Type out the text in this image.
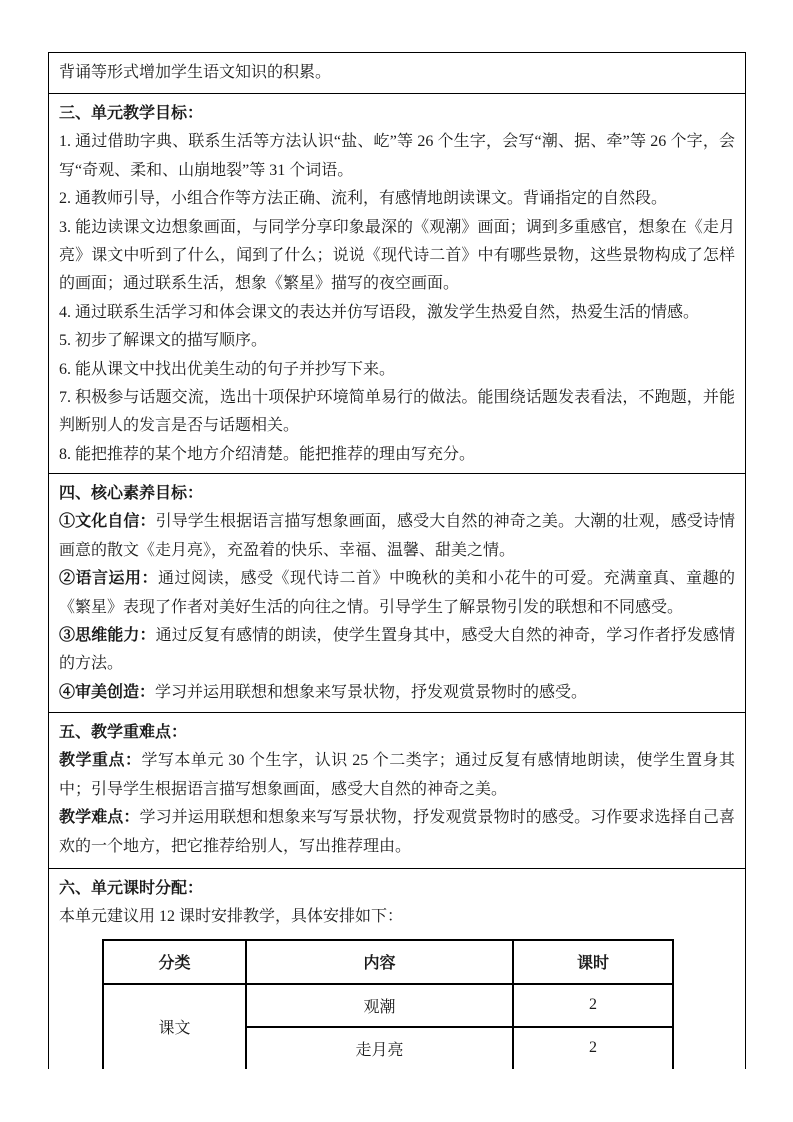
背诵等形式增加学生语文知识的积累。

三、单元教学目标：

1. 通过借助字典、联系生活等方法认识“盐、屹”等 26 个生字，会写“潮、据、牵”等 26 个字，会写“奇观、柔和、山崩地裂”等 31 个词语。

2. 通教师引导，小组合作等方法正确、流利，有感情地朗读课文。背诵指定的自然段。

3. 能边读课文边想象画面，与同学分享印象最深的《观潮》画面；调到多重感官，想象在《走月亮》课文中听到了什么，闻到了什么；说说《现代诗二首》中有哪些景物，这些景物构成了怎样的画面；通过联系生活，想象《繁星》描写的夜空画面。

4. 通过联系生活学习和体会课文的表达并仿写语段，激发学生热爱自然，热爱生活的情感。

5. 初步了解课文的描写顺序。

6. 能从课文中找出优美生动的句子并抄写下来。

7. 积极参与话题交流，选出十项保护环境简单易行的做法。能围绕话题发表看法，不跑题，并能判断别人的发言是否与话题相关。

8. 能把推荐的某个地方介绍清楚。能把推荐的理由写充分。

四、核心素养目标：

①文化自信：引导学生根据语言描写想象画面，感受大自然的神奇之美。大潮的壮观，感受诗情画意的散文《走月亮》，充盈着的快乐、幸福、温馨、甜美之情。

②语言运用：通过阅读，感受《现代诗二首》中晚秋的美和小花牛的可爱。充满童真、童趣的《繁星》表现了作者对美好生活的向往之情。引导学生了解景物引发的联想和不同感受。

③思维能力：通过反复有感情的朗读，使学生置身其中，感受大自然的神奇，学习作者抒发感情的方法。

④审美创造：学习并运用联想和想象来写景状物，抒发观赏景物时的感受。

五、教学重难点：

教学重点：学写本单元 30 个生字，认识 25 个二类字；通过反复有感情地朗读，使学生置身其中；引导学生根据语言描写想象画面，感受大自然的神奇之美。

教学难点：学习并运用联想和想象来写写景状物，抒发观赏景物时的感受。习作要求选择自己喜欢的一个地方，把它推荐给别人，写出推荐理由。

六、单元课时分配：

本单元建议用 12 课时安排教学，具体安排如下：

分类	内容	课时
课文	观潮	2
	走月亮	2
